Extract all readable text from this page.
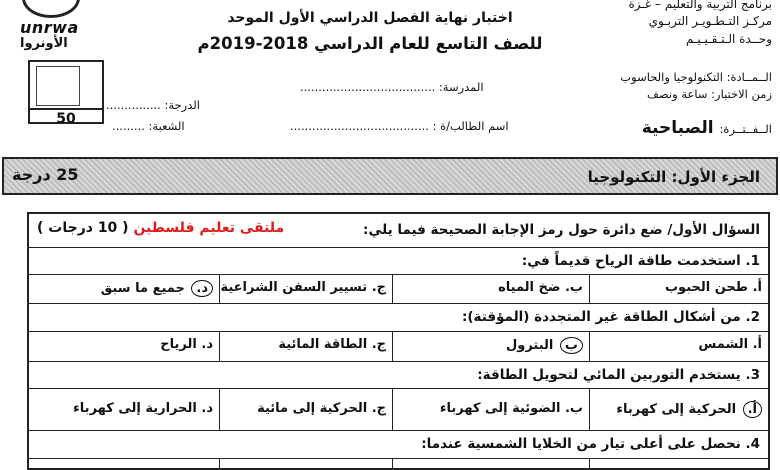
unrwa
الأونروا
برنامج التربية والتعليم – غـزة
مركـز التـطـويـر التربـوي
وحــدة الـتـقـيـيـم
اختبار نهاية الفصل الدراسي الأول الموحد
للصف التاسع للعام الدراسي 2018-2019م
50
الــمــادة: التكنولوجيا والحاسوب
زمن الاختبار: ساعة ونصف
المدرسة: .....................................
الدرجة: ...............
اسم الطالب/ة : ......................................
الشعبة: .........	الــفــتــرة:
الصباحية
الجزء الأول: التكنولوجيا
25 درجة
السؤال الأول/ ضع دائرة حول رمز الإجابة الصحيحة فيما يلي:
ملتقى تعليم فلسطين ( 10 درجات )
1. استخدمت طاقة الرياح قديماً في:
أ. طحن الحبوب
ب. ضخ المياه
ج. تسيير السفن الشراعية
د. جميع ما سبق
2. من أشكال الطاقة غير المتجددة (المؤقتة):
أ. الشمس
ب البترول
ج. الطاقة المائية
د. الرياح
3. يستخدم التوربين المائي لتحويل الطاقة:
أ. الحركية إلى كهرباء
ب. الضوئية إلى كهرباء
ج. الحركية إلى مائية
د. الحرارية إلى كهرباء
4. نحصل على أعلى تيار من الخلايا الشمسية عندما:
